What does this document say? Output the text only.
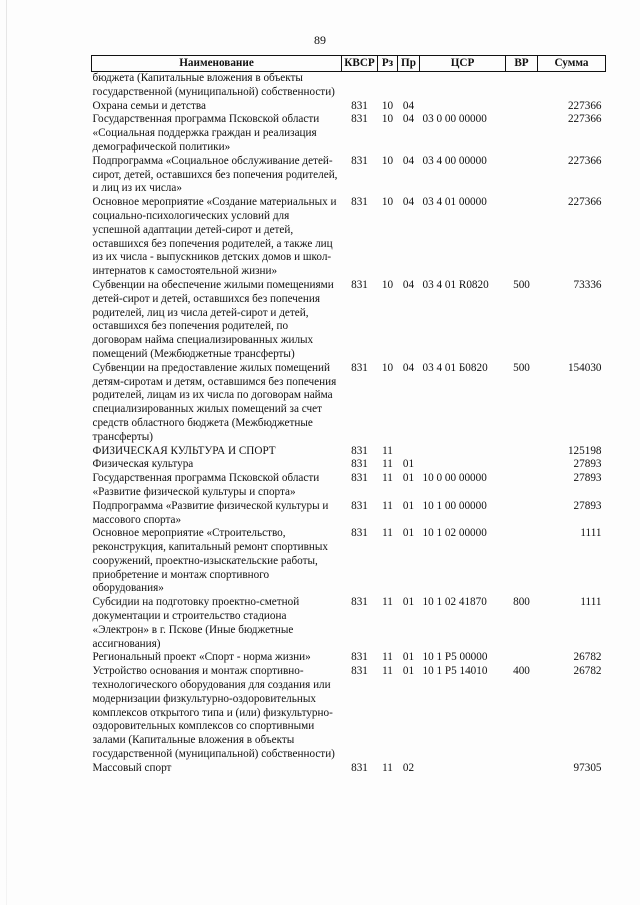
89
Наименование	КВСР	Рз	Пр	ЦСР	ВР	Сумма
бюджета (Капитальные вложения в объекты государственной (муниципальной) собственности)						
Охрана семьи и детства	831	10	04			227366
Государственная программа Псковской области «Социальная поддержка граждан и реализация демографической политики»	831	10	04	03 0 00 00000		227366
Подпрограмма «Социальное обслуживание детей-сирот, детей, оставшихся без попечения родителей, и лиц из их числа»	831	10	04	03 4 00 00000		227366
Основное мероприятие «Создание материальных и социально-психологических условий для успешной адаптации детей-сирот и детей, оставшихся без попечения родителей, а также лиц из их числа - выпускников детских домов и школ-интернатов к самостоятельной жизни»	831	10	04	03 4 01 00000		227366
Субвенции на обеспечение жилыми помещениями детей-сирот и детей, оставшихся без попечения родителей, лиц из числа детей-сирот и детей, оставшихся без попечения родителей, по договорам найма специализированных жилых помещений (Межбюджетные трансферты)	831	10	04	03 4 01 R0820	500	73336
Субвенции на предоставление жилых помещений детям-сиротам и детям, оставшимся без попечения родителей, лицам из их числа по договорам найма специализированных жилых помещений за счет средств областного бюджета (Межбюджетные трансферты)	831	10	04	03 4 01 Б0820	500	154030
ФИЗИЧЕСКАЯ КУЛЬТУРА И СПОРТ	831	11				125198
Физическая культура	831	11	01			27893
Государственная программа Псковской области «Развитие физической культуры и спорта»	831	11	01	10 0 00 00000		27893
Подпрограмма «Развитие физической культуры и массового спорта»	831	11	01	10 1 00 00000		27893
Основное мероприятие «Строительство, реконструкция, капитальный ремонт спортивных сооружений, проектно-изыскательские работы, приобретение и монтаж спортивного оборудования»	831	11	01	10 1 02 00000		1111
Субсидии на подготовку проектно-сметной документации и строительство стадиона «Электрон» в г. Пскове (Иные бюджетные ассигнования)	831	11	01	10 1 02 41870	800	1111
Региональный проект «Спорт - норма жизни»	831	11	01	10 1 P5 00000		26782
Устройство основания и монтаж спортивно-технологического оборудования для создания или модернизации физкультурно-оздоровительных комплексов открытого типа и (или) физкультурно-оздоровительных комплексов со спортивными залами (Капитальные вложения в объекты государственной (муниципальной) собственности)	831	11	01	10 1 P5 14010	400	26782
Массовый спорт	831	11	02			97305
